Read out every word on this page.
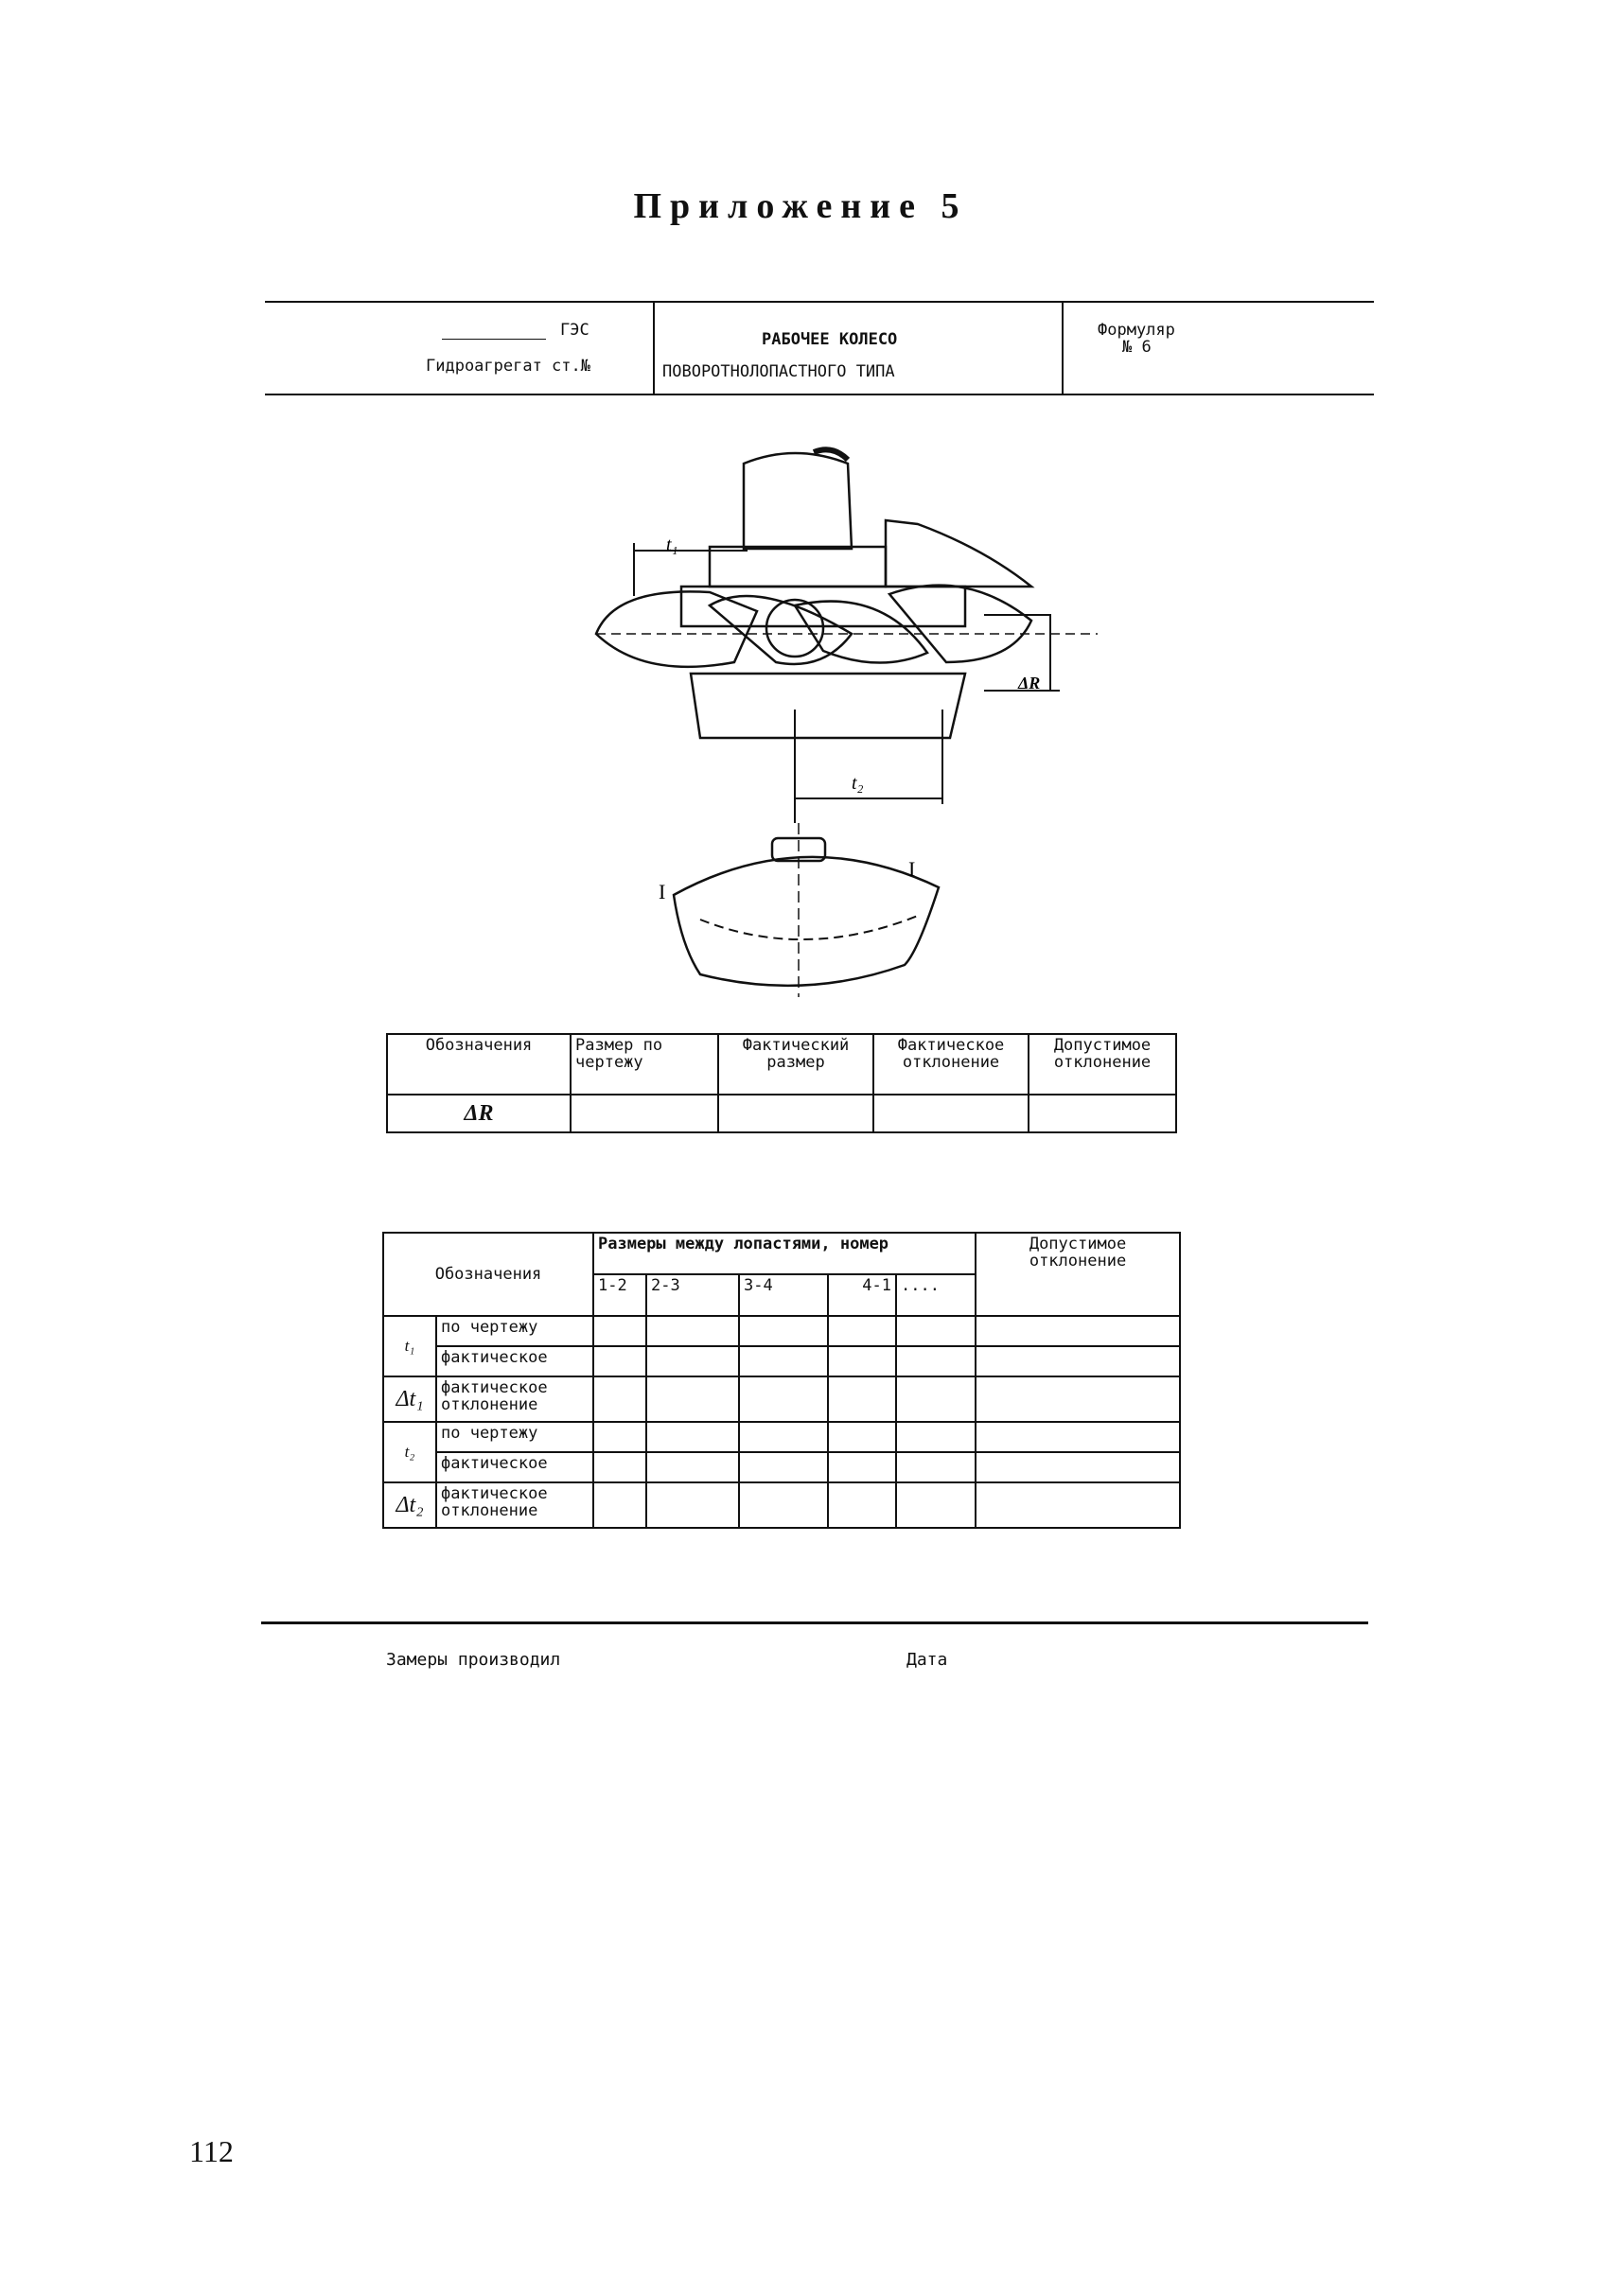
Приложение 5
ГЭС
Гидроагрегат ст.№
РАБОЧЕЕ КОЛЕСО
ПОВОРОТНОЛОПАСТНОГО ТИПА
Формуляр
№ 6
t₁
t₂
ΔR
I
I
Обозначения	Размер по чертежу	Фактический размер	Фактическое отклонение	Допустимое отклонение
ΔR				
Обозначения		Размеры между лопастями, номер					Допустимое отклонение
		1-2	2-3	3-4	4-1	....	
t₁	по чертежу						
	фактическое						
Δt₁	фактическое отклонение						
t₂	по чертежу						
	фактическое						
Δt₂	фактическое отклонение						
Замеры производил	Дата
112
